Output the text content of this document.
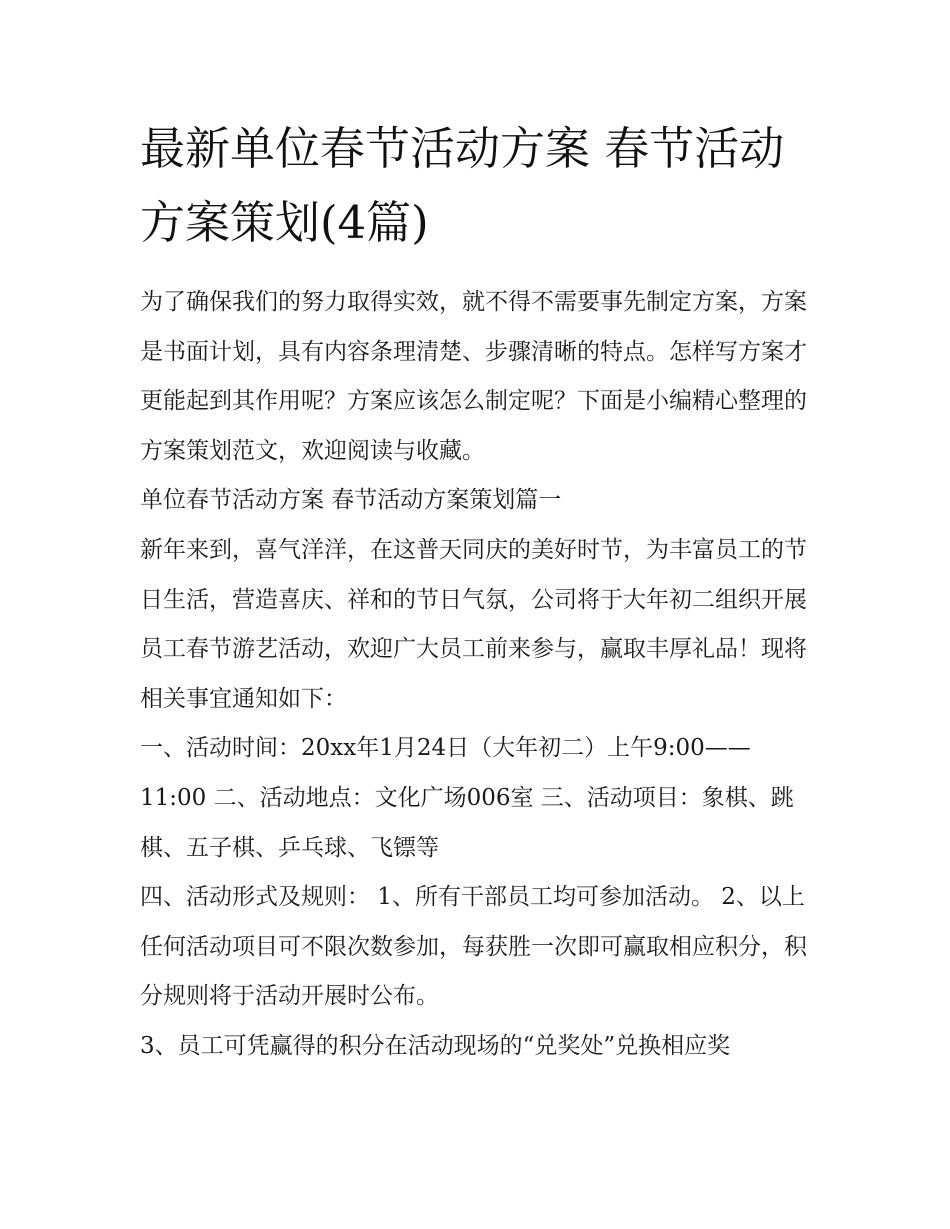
最新单位春节活动方案 春节活动方案策划(4篇)

为了确保我们的努力取得实效，就不得不需要事先制定方案，方案是书面计划，具有内容条理清楚、步骤清晰的特点。怎样写方案才更能起到其作用呢？方案应该怎么制定呢？下面是小编精心整理的方案策划范文，欢迎阅读与收藏。

单位春节活动方案 春节活动方案策划篇一

新年来到，喜气洋洋，在这普天同庆的美好时节，为丰富员工的节日生活，营造喜庆、祥和的节日气氛，公司将于大年初二组织开展员工春节游艺活动，欢迎广大员工前来参与，赢取丰厚礼品！现将相关事宜通知如下：

一、活动时间：20xx年1月24日（大年初二）上午9:00——11:00 二、活动地点：文化广场006室 三、活动项目：象棋、跳棋、五子棋、乒乓球、飞镖等

四、活动形式及规则： 1、所有干部员工均可参加活动。 2、以上任何活动项目可不限次数参加，每获胜一次即可赢取相应积分，积分规则将于活动开展时公布。

3、员工可凭赢得的积分在活动现场的“兑奖处”兑换相应奖
